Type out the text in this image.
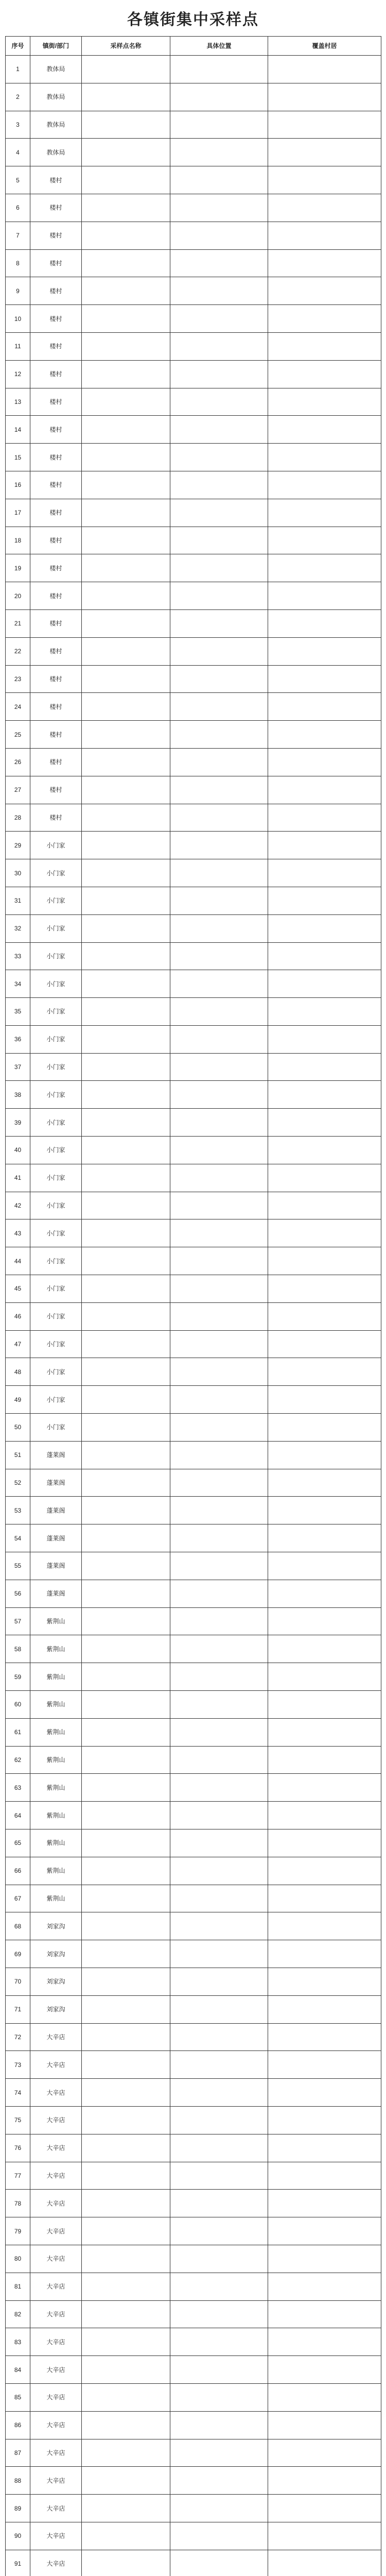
各镇街集中采样点
序号	镇街/部门	采样点名称	具体位置	覆盖村居
1	教体局			
2	教体局			
3	教体局			
4	教体局			
5	楼村			
6	楼村			
7	楼村			
8	楼村			
9	楼村			
10	楼村			
11	楼村			
12	楼村			
13	楼村			
14	楼村			
15	楼村			
16	楼村			
17	楼村			
18	楼村			
19	楼村			
20	楼村			
21	楼村			
22	楼村			
23	楼村			
24	楼村			
25	楼村			
26	楼村			
27	楼村			
28	楼村			
29	小门家			
30	小门家			
31	小门家			
32	小门家			
33	小门家			
34	小门家			
35	小门家			
36	小门家			
37	小门家			
38	小门家			
39	小门家			
40	小门家			
41	小门家			
42	小门家			
43	小门家			
44	小门家			
45	小门家			
46	小门家			
47	小门家			
48	小门家			
49	小门家			
50	小门家			
51	蓬莱阁			
52	蓬莱阁			
53	蓬莱阁			
54	蓬莱阁			
55	蓬莱阁			
56	蓬莱阁			
57	紫荆山			
58	紫荆山			
59	紫荆山			
60	紫荆山			
61	紫荆山			
62	紫荆山			
63	紫荆山			
64	紫荆山			
65	紫荆山			
66	紫荆山			
67	紫荆山			
68	刘家沟			
69	刘家沟			
70	刘家沟			
71	刘家沟			
72	大辛店			
73	大辛店			
74	大辛店			
75	大辛店			
76	大辛店			
77	大辛店			
78	大辛店			
79	大辛店			
80	大辛店			
81	大辛店			
82	大辛店			
83	大辛店			
84	大辛店			
85	大辛店			
86	大辛店			
87	大辛店			
88	大辛店			
89	大辛店			
90	大辛店			
91	大辛店			
